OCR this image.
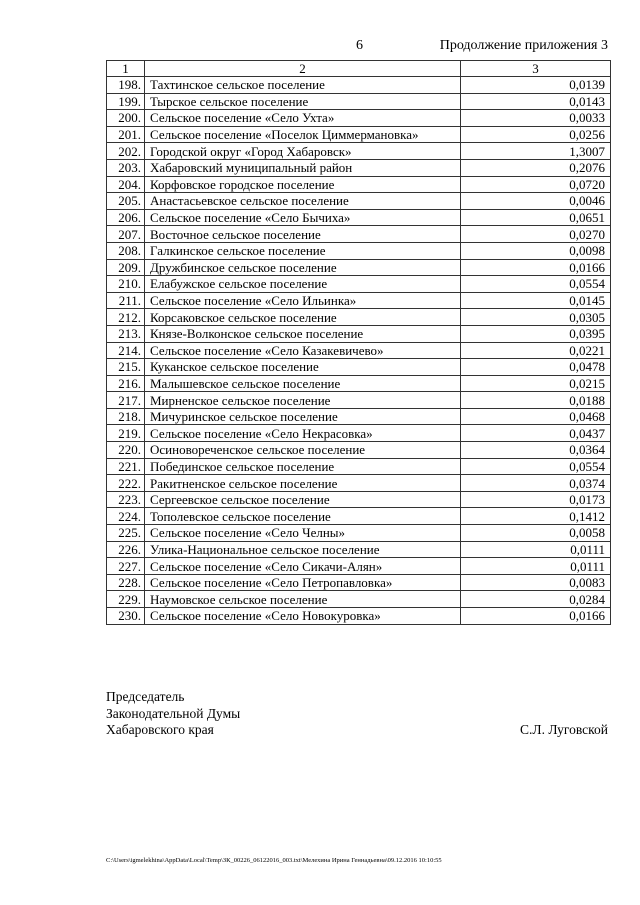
6	Продолжение приложения 3
1	2	3
198.	Тахтинское сельское поселение	0,0139
199.	Тырское сельское поселение	0,0143
200.	Сельское поселение «Село Ухта»	0,0033
201.	Сельское поселение «Поселок Циммермановка»	0,0256
202.	Городской округ «Город Хабаровск»	1,3007
203.	Хабаровский муниципальный район	0,2076
204.	Корфовское городское поселение	0,0720
205.	Анастасьевское сельское поселение	0,0046
206.	Сельское поселение «Село Бычиха»	0,0651
207.	Восточное сельское поселение	0,0270
208.	Галкинское сельское поселение	0,0098
209.	Дружбинское сельское поселение	0,0166
210.	Елабужское сельское поселение	0,0554
211.	Сельское поселение «Село Ильинка»	0,0145
212.	Корсаковское сельское поселение	0,0305
213.	Князе-Волконское сельское поселение	0,0395
214.	Сельское поселение «Село Казакевичево»	0,0221
215.	Куканское сельское поселение	0,0478
216.	Малышевское сельское поселение	0,0215
217.	Мирненское сельское поселение	0,0188
218.	Мичуринское сельское поселение	0,0468
219.	Сельское поселение «Село Некрасовка»	0,0437
220.	Осиновореченское сельское поселение	0,0364
221.	Побединское сельское поселение	0,0554
222.	Ракитненское сельское поселение	0,0374
223.	Сергеевское сельское поселение	0,0173
224.	Тополевское сельское поселение	0,1412
225.	Сельское поселение «Село Челны»	0,0058
226.	Улика-Национальное сельское поселение	0,0111
227.	Сельское поселение «Село Сикачи-Алян»	0,0111
228.	Сельское поселение «Село Петропавловка»	0,0083
229.	Наумовское сельское поселение	0,0284
230.	Сельское поселение «Село Новокуровка»	0,0166
Председатель
Законодательной Думы
Хабаровского края	С.Л. Луговской
C:\Users\igmelekhina\AppData\Local\Temp\ЗК_00226_06122016_003.txt\Мелехина Ирина Геннадьевна\09.12.2016 10:10:55
